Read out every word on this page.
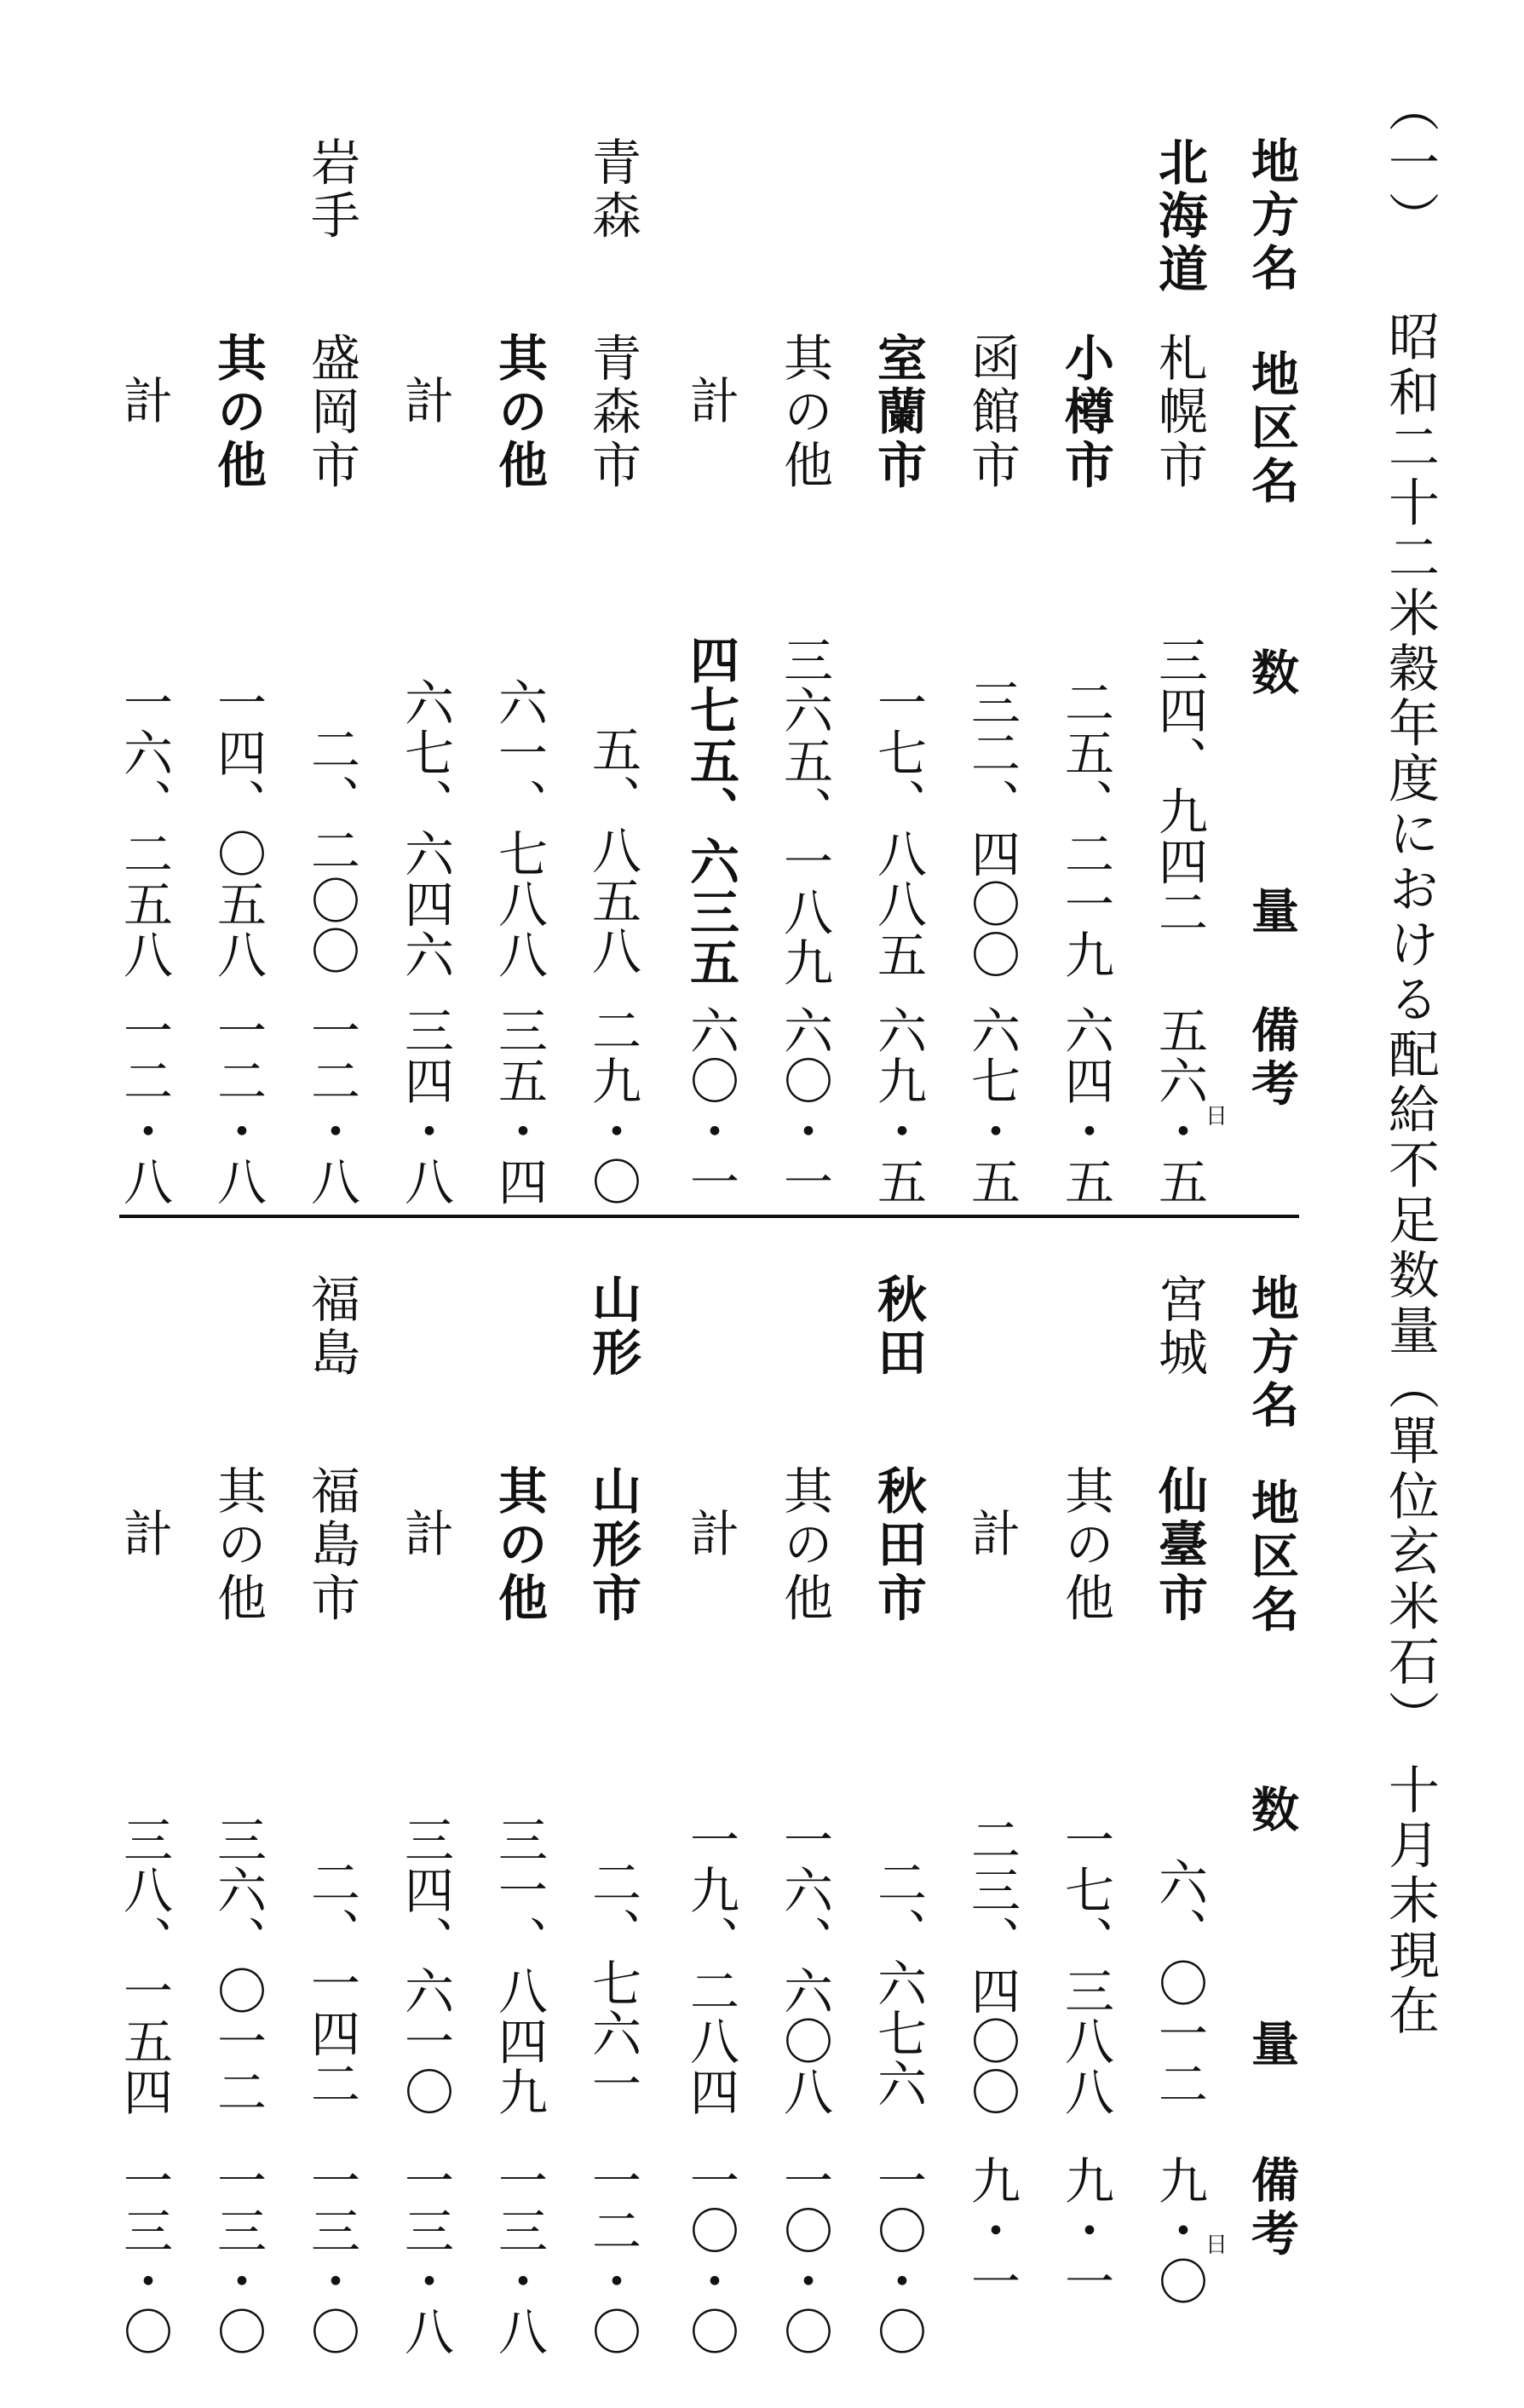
（一） 昭和二十二米穀年度における配給不足数量（單位玄米石）
十月末現在
地方名
地区名
数
量
備考
北海道
青森
岩手
札幌市
三四、九四二
五六・五
日
小樽市
二五、二一九
六四・五
函館市
三二、四〇〇
六七・五
室蘭市
一七、八八五
六九・五
其の他
三六五、一八九
六〇・一
計
四七五、六三五
六〇・一
青森市
五、八五八
二九・〇
其の他
六一、七八八
三五・四
計
六七、六四六
三四・八
盛岡市
二、二〇〇
一二・八
其の他
一四、〇五八
一二・八
計
一六、二五八
一二・八
地方名
地区名
数
量
備考
宮城
秋田
山形
福島
仙臺市
六、〇一二
九・〇
日
其の他
一七、三八八
九・一
計
二三、四〇〇
九・一
秋田市
二、六七六
一〇・〇
其の他
一六、六〇八
一〇・〇
計
一九、二八四
一〇・〇
山形市
二、七六一
一二・〇
其の他
三一、八四九
一三・八
計
三四、六一〇
一三・八
福島市
二、一四二
一三・〇
其の他
三六、〇一二
一三・〇
計
三八、一五四
一三・〇
